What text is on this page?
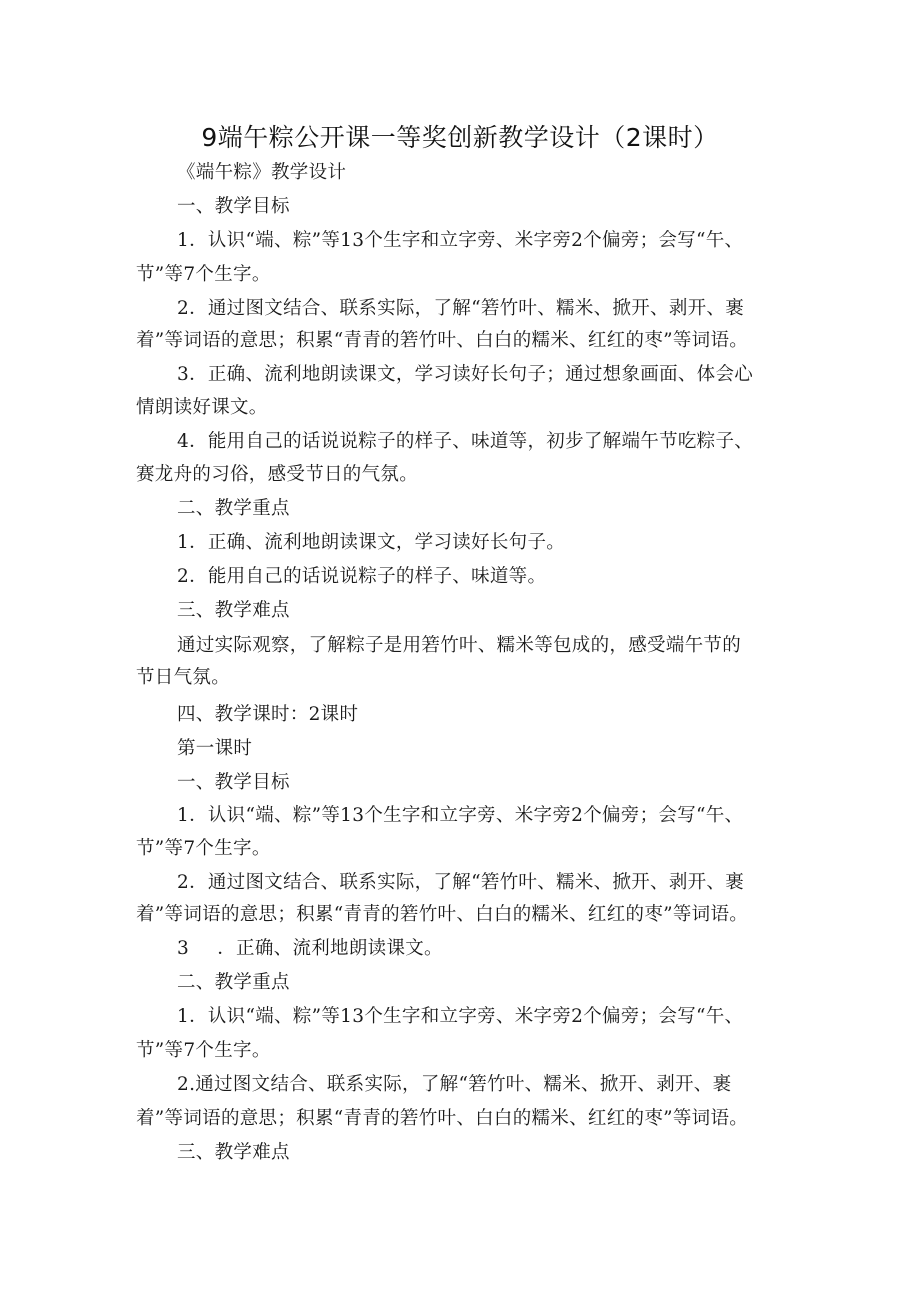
9端午粽公开课一等奖创新教学设计（2课时）
《端午粽》教学设计
一、教学目标
1．认识“端、粽”等13个生字和立字旁、米字旁2个偏旁；会写“午、
节”等7个生字。
2．通过图文结合、联系实际，了解“箬竹叶、糯米、掀开、剥开、裹
着”等词语的意思；积累“青青的箬竹叶、白白的糯米、红红的枣”等词语。
3．正确、流利地朗读课文，学习读好长句子；通过想象画面、体会心
情朗读好课文。
4．能用自己的话说说粽子的样子、味道等，初步了解端午节吃粽子、
赛龙舟的习俗，感受节日的气氛。
二、教学重点
1．正确、流利地朗读课文，学习读好长句子。
2．能用自己的话说说粽子的样子、味道等。
三、教学难点
通过实际观察，了解粽子是用箬竹叶、糯米等包成的，感受端午节的
节日气氛。
四、教学课时：2课时
第一课时
一、教学目标
1．认识“端、粽”等13个生字和立字旁、米字旁2个偏旁；会写“午、
节”等7个生字。
2．通过图文结合、联系实际，了解“箬竹叶、糯米、掀开、剥开、裹
着”等词语的意思；积累“青青的箬竹叶、白白的糯米、红红的枣”等词语。
3 ．正确、流利地朗读课文。
二、教学重点
1．认识“端、粽”等13个生字和立字旁、米字旁2个偏旁；会写“午、
节”等7个生字。
2.通过图文结合、联系实际，了解“箬竹叶、糯米、掀开、剥开、裹
着”等词语的意思；积累“青青的箬竹叶、白白的糯米、红红的枣”等词语。
三、教学难点
